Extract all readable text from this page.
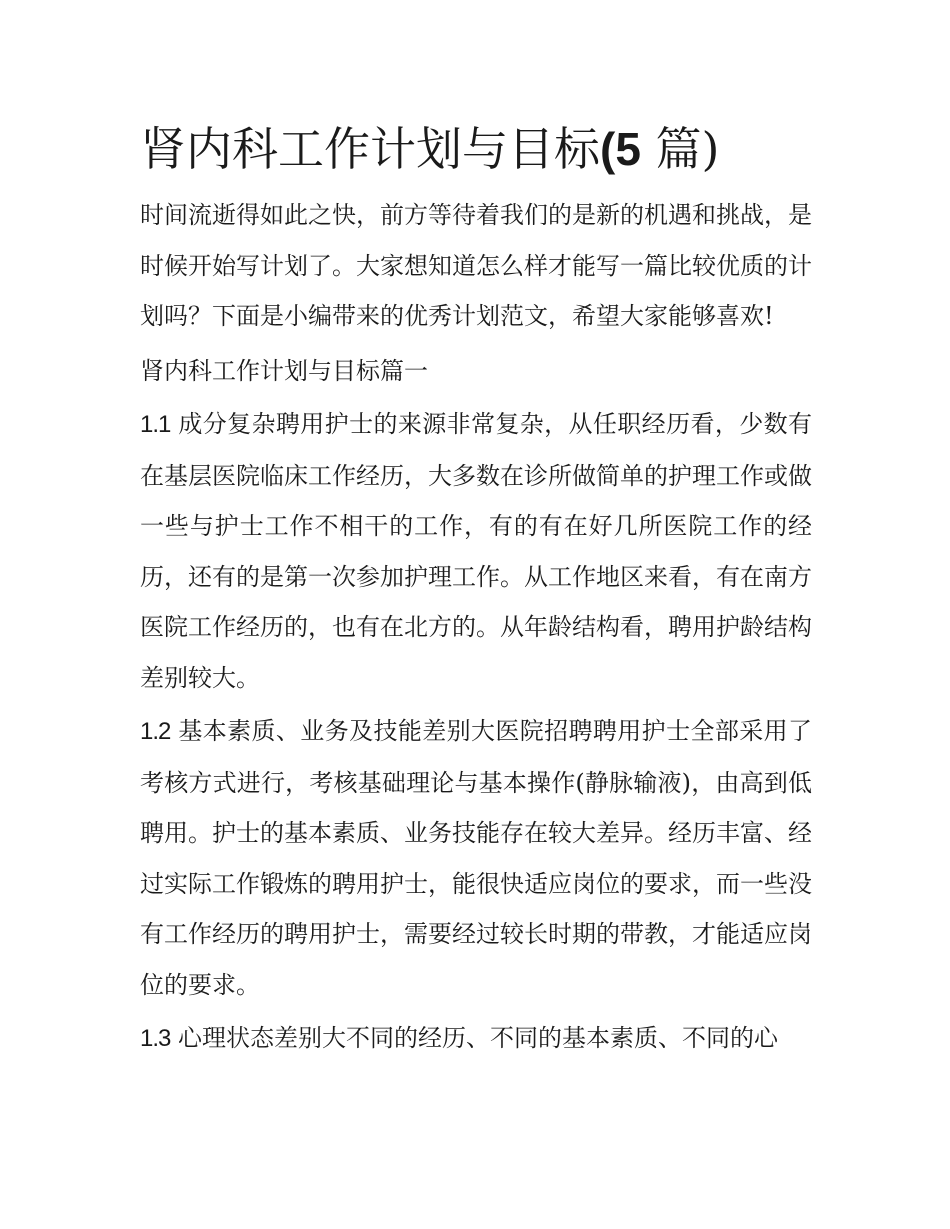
肾内科工作计划与目标(5 篇)

时间流逝得如此之快，前方等待着我们的是新的机遇和挑战，是时候开始写计划了。大家想知道怎么样才能写一篇比较优质的计划吗？下面是小编带来的优秀计划范文，希望大家能够喜欢!

肾内科工作计划与目标篇一

1.1 成分复杂聘用护士的来源非常复杂，从任职经历看，少数有在基层医院临床工作经历，大多数在诊所做简单的护理工作或做一些与护士工作不相干的工作，有的有在好几所医院工作的经历，还有的是第一次参加护理工作。从工作地区来看，有在南方医院工作经历的，也有在北方的。从年龄结构看，聘用护龄结构差别较大。

1.2 基本素质、业务及技能差别大医院招聘聘用护士全部采用了考核方式进行，考核基础理论与基本操作(静脉输液)，由高到低聘用。护士的基本素质、业务技能存在较大差异。经历丰富、经过实际工作锻炼的聘用护士，能很快适应岗位的要求，而一些没有工作经历的聘用护士，需要经过较长时期的带教，才能适应岗位的要求。

1.3 心理状态差别大不同的经历、不同的基本素质、不同的心
